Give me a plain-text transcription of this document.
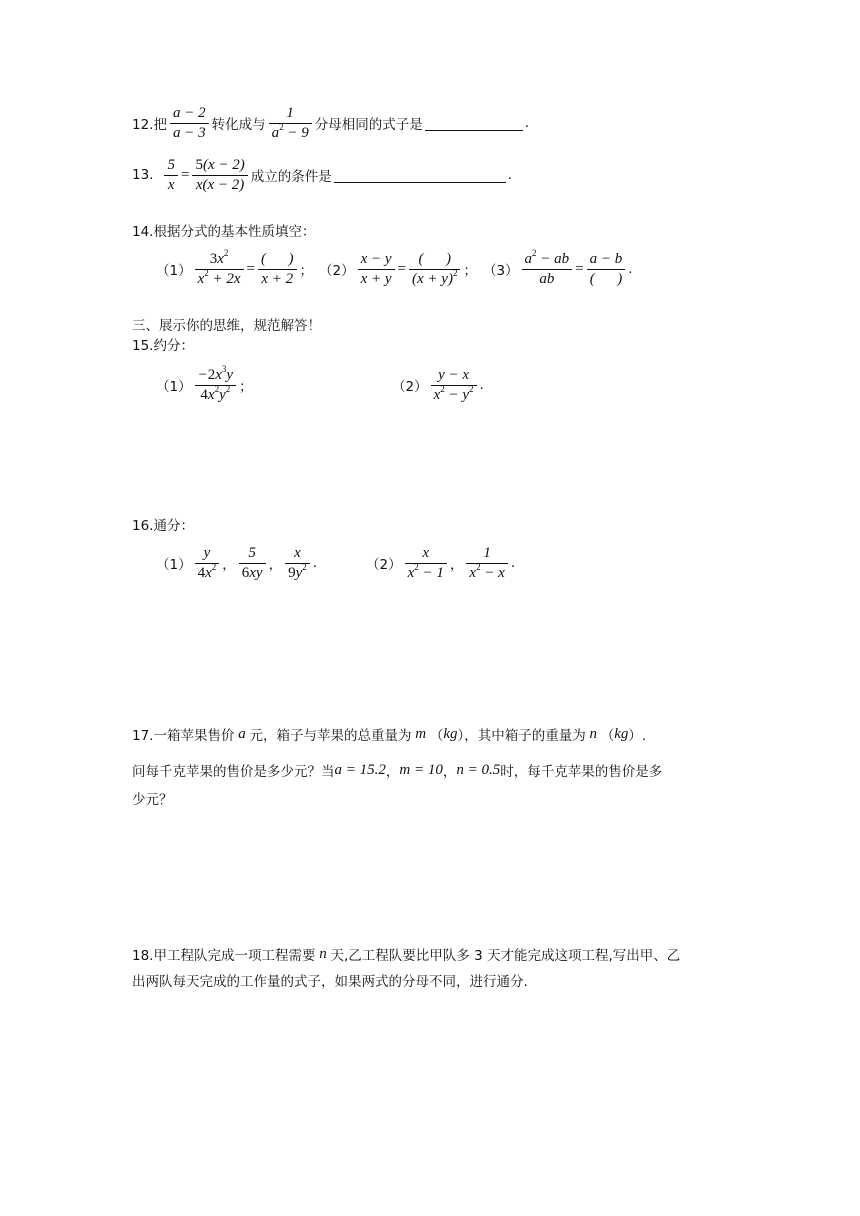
12.把 $\frac{a - 2}{a - 3}$ 转化成与 $\frac{1}{a^2 - 9}$ 分母相同的式子是	.
13. $\frac{5}{x} = \frac{5(x - 2)}{x(x - 2)}$ 成立的条件是	.
14.根据分式的基本性质填空：
$(1) \frac{3x^2}{x^2 + 2x} = \frac{( )}{x + 2}$ ； $(2) \frac{x - y}{x + y} = \frac{( )}{(x + y)^2}$ ； $(3) \frac{a^2 - ab}{ab} = \frac{a - b}{( )}$ .
三、展示你的思维，规范解答！
15.约分：
$(1) \frac{-2x^3y}{4x^2y^2}$ ；	$(2) \frac{y - x}{x^2 - y^2}$ .
16.通分：
$(1) \frac{y}{4x^2}$ ， $\frac{5}{6xy}$ ， $\frac{x}{9y^2}$ .	$(2) \frac{x}{x^2 - 1}$ ， $\frac{1}{x^2 - x}$ .
17.一箱苹果售价 a 元，箱子与苹果的总重量为 m （ kg ），其中箱子的重量为 n （ kg ）.
问每千克苹果的售价是多少元？当 a = 15.2 ， m = 10 ， n = 0.5 时，每千克苹果的售价是多
少元？
18.甲工程队完成一项工程需要 n 天,乙工程队要比甲队多 3 天才能完成这项工程,写出甲、乙
出两队每天完成的工作量的式子，如果两式的分母不同，进行通分.
